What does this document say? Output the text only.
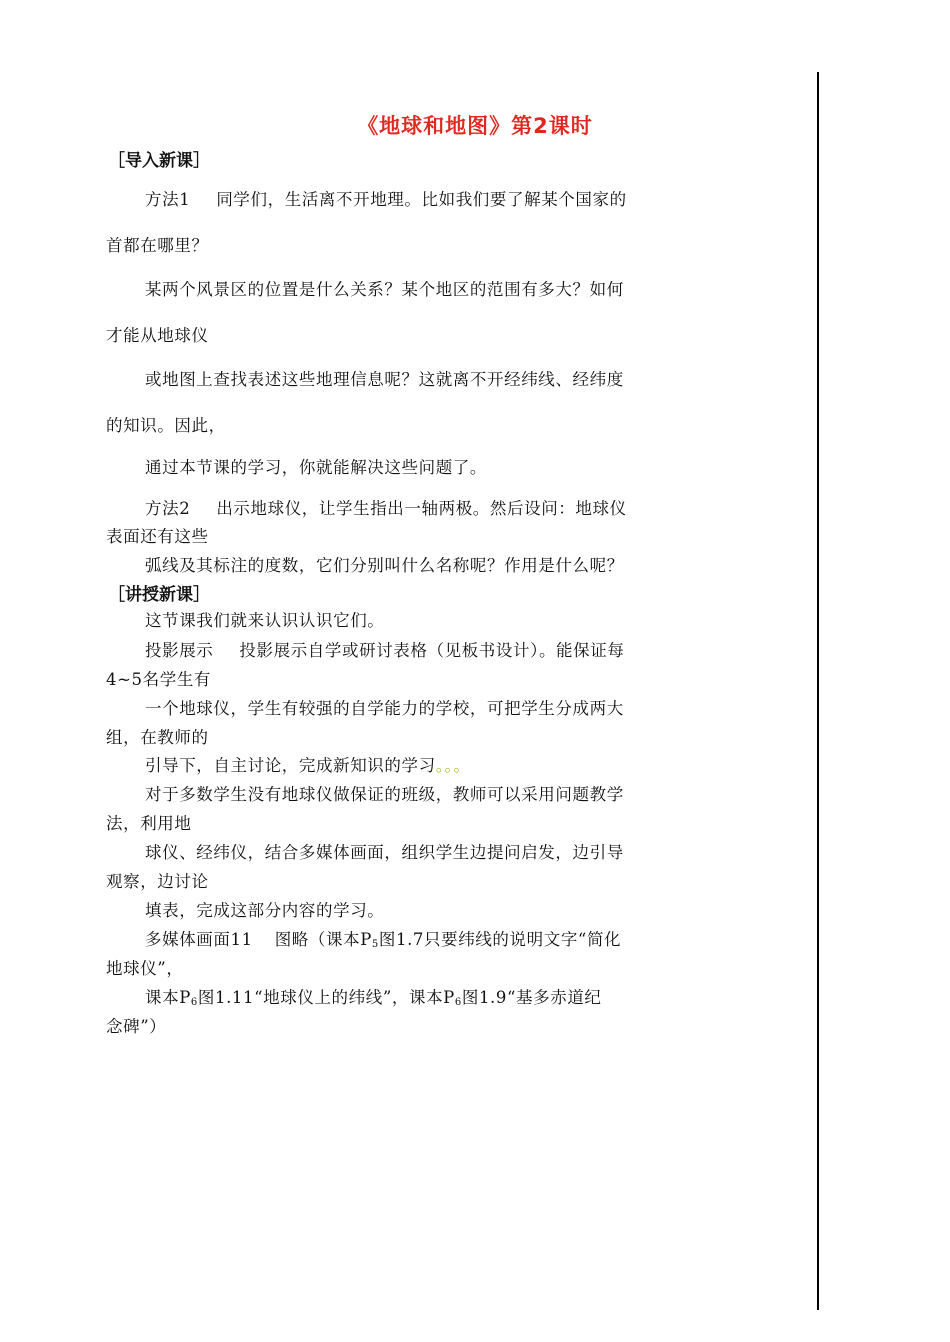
《地球和地图》第2课时
［导入新课］
方法1 同学们，生活离不开地理。比如我们要了解某个国家的
首都在哪里？
某两个风景区的位置是什么关系？某个地区的范围有多大？如何
才能从地球仪
或地图上查找表述这些地理信息呢？这就离不开经纬线、经纬度
的知识。因此，
通过本节课的学习，你就能解决这些问题了。
方法2 出示地球仪，让学生指出一轴两极。然后设问：地球仪
表面还有这些
弧线及其标注的度数，它们分别叫什么名称呢？作用是什么呢？
［讲授新课］
这节课我们就来认识认识它们。
投影展示 投影展示自学或研讨表格（见板书设计）。能保证每
4~5名学生有
一个地球仪，学生有较强的自学能力的学校，可把学生分成两大
组，在教师的
引导下，自主讨论，完成新知识的学习。。。
对于多数学生没有地球仪做保证的班级，教师可以采用问题教学
法，利用地
球仪、经纬仪，结合多媒体画面，组织学生边提问启发，边引导
观察，边讨论
填表，完成这部分内容的学习。
多媒体画面11 图略（课本$P_5$图1.7只要纬线的说明文字“简化
地球仪”，
课本$P_6$图1.11“地球仪上的纬线”，课本$P_6$图1.9“基多赤道纪
念碑”）
